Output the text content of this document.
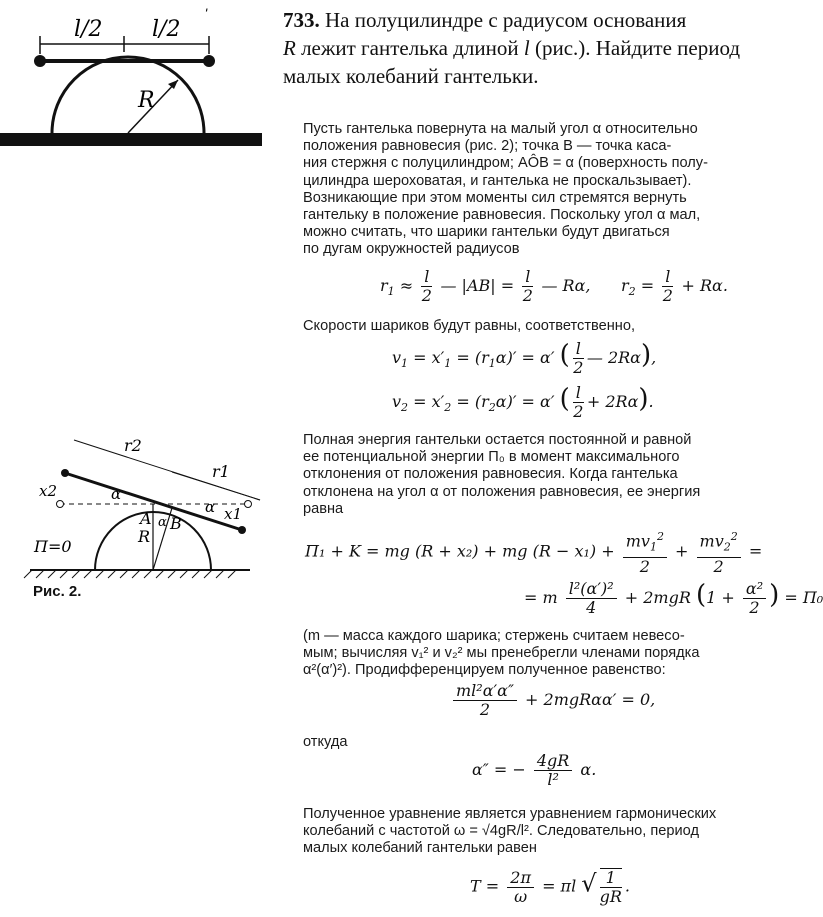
733. На полуцилиндре с радиусом основания
R лежит гантелька длиной l (рис.). Найдите период
малых колебаний гантельки.
l/2 l/2
R
ˈ
r2
r1
x2
x1
α
α
α
A B
R
П=0
Рис. 2.
Пусть гантелька повернута на малый угол α относительно
положения равновесия (рис. 2); точка B — точка каса-
ния стержня с полуцилиндром; AÔB = α (поверхность полу-
цилиндра шероховатая, и гантелька не проскальзывает).
Возникающие при этом моменты сил стремятся вернуть
гантельку в положение равновесия. Поскольку угол α мал,
можно считать, что шарики гантельки будут двигаться
по дугам окружностей радиусов
$r_1 \approx \frac{l}{2}$ — $|AB| = \frac{l}{2}$ — Rα, $r_2 = \frac{l}{2} + R\alpha$.
Скорости шариков будут равны, соответственно,
$v_1 = x'_1 = (r_1\alpha)' = \alpha'$ ( $\frac{l}{2}$ — 2Rα),
$v_2 = x'_2 = (r_2\alpha)' = \alpha'$ ( $\frac{l}{2} + 2R\alpha$).
Полная энергия гантельки остается постоянной и равной
ее потенциальной энергии П₀ в момент максимального
отклонения от положения равновесия. Когда гантелька
отклонена на угол α от положения равновесия, ее энергия
равна
П₁ + K = mg (R + x₂) + mg $(R - x_1) + \frac{mv_1^2}{2} + \frac{mv_2^2}{2}$ =
= m $\frac{\text{l²(α′)²}}{4} + 2mgR$ ($1 + \frac{\text{α²}}{2}$ ) = П₀
(m — масса каждого шарика; стержень считаем невесо-
мым; вычисляя v₁² и v₂² мы пренебрегли членами порядка
α²(α′)²). Продифференцируем полученное равенство:
$\frac{\text{ml²α′α″}}{2} + 2mgR\alpha\alpha' = 0$,
откуда
α″ = − $\frac{4gR}{\text{l²}} \alpha$.
Полученное уравнение является уравнением гармонических
колебаний с частотой ω = √4gR/l². Следовательно, период
малых колебаний гантельки равен
$T = \frac{2\pi}{\omega} = \pi l$ √ $\frac{1}{gR}$ .
